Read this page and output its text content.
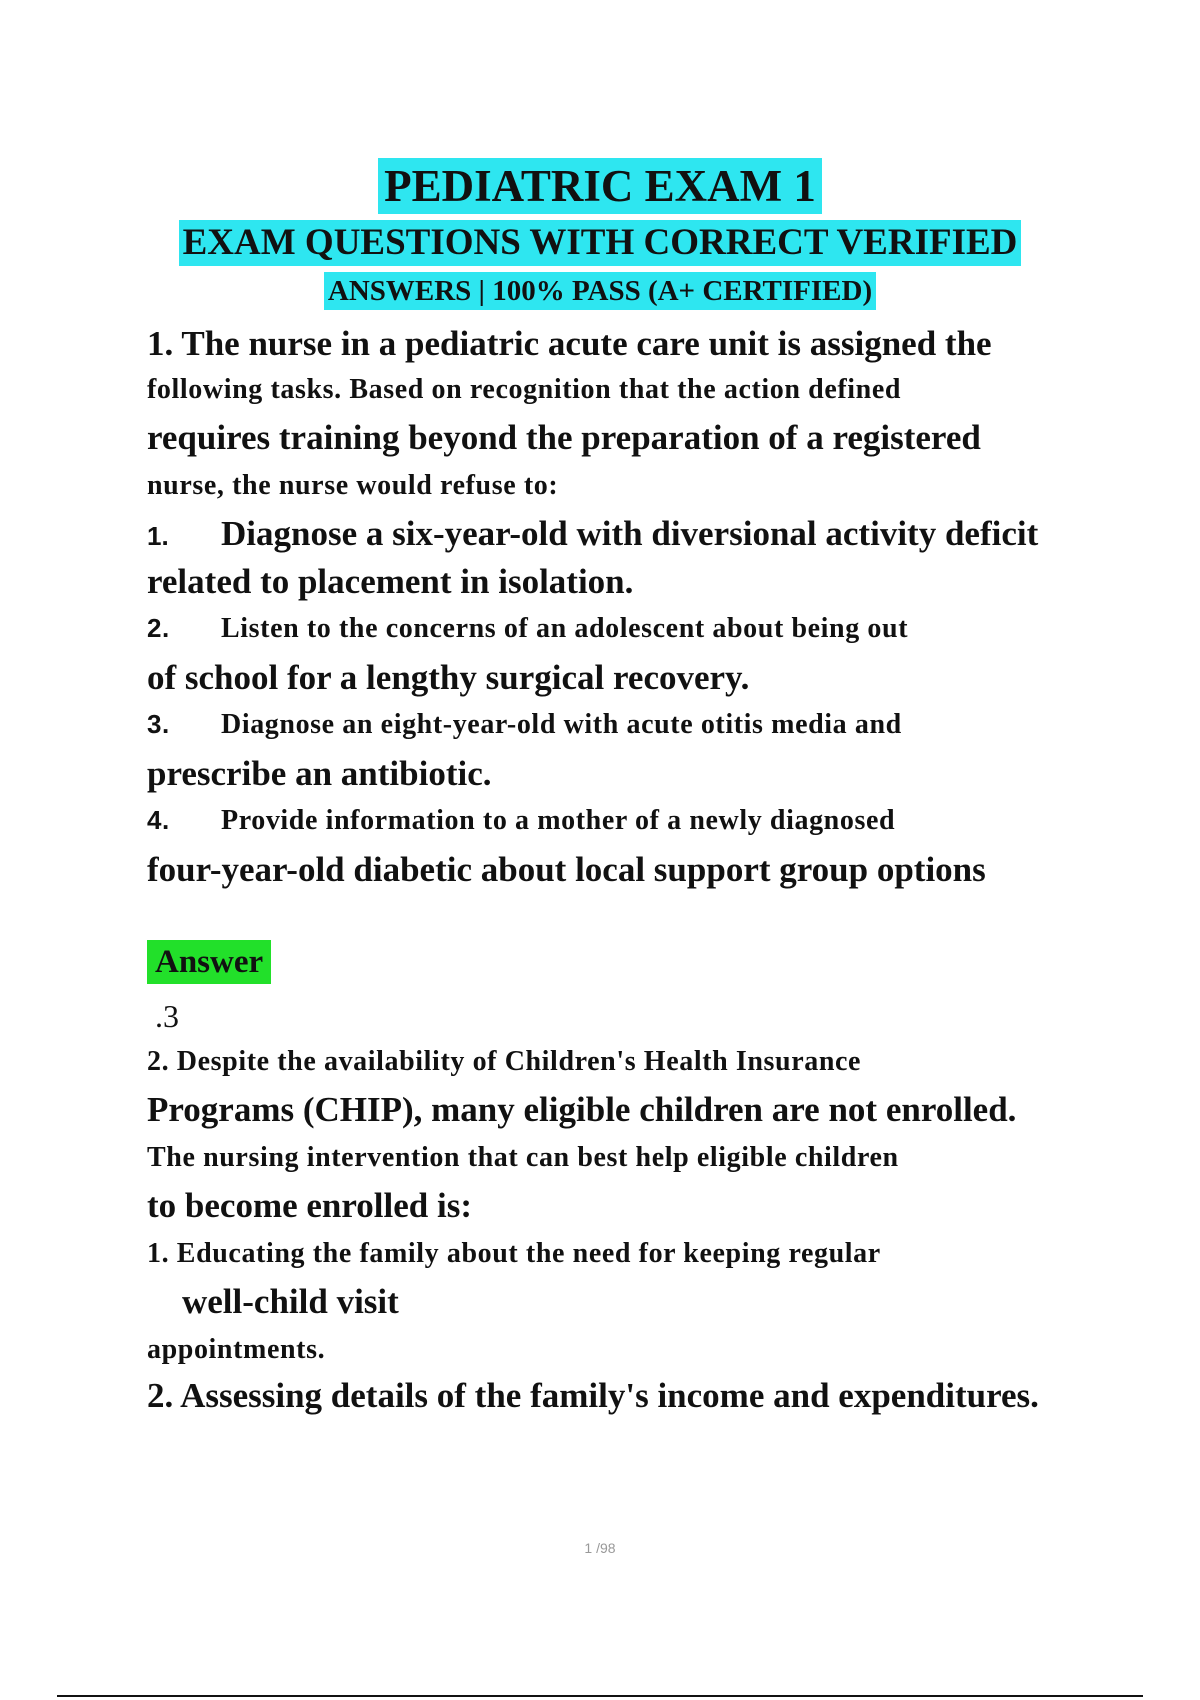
PEDIATRIC EXAM 1
EXAM QUESTIONS WITH CORRECT VERIFIED
ANSWERS | 100% PASS (A+ CERTIFIED)
1. The nurse in a pediatric acute care unit is assigned the
following tasks. Based on recognition that the action defined
requires training beyond the preparation of a registered
nurse, the nurse would refuse to:
1. Diagnose a six-year-old with diversional activity deficit
related to placement in isolation.
2. Listen to the concerns of an adolescent about being out
of school for a lengthy surgical recovery.
3. Diagnose an eight-year-old with acute otitis media and
prescribe an antibiotic.
4. Provide information to a mother of a newly diagnosed
four-year-old diabetic about local support group options
Answer
.3
2. Despite the availability of Children's Health Insurance
Programs (CHIP), many eligible children are not enrolled.
The nursing intervention that can best help eligible children
to become enrolled is:
1. Educating the family about the need for keeping regular
well-child visit
appointments.
2. Assessing details of the family's income and expenditures.
1 /98
